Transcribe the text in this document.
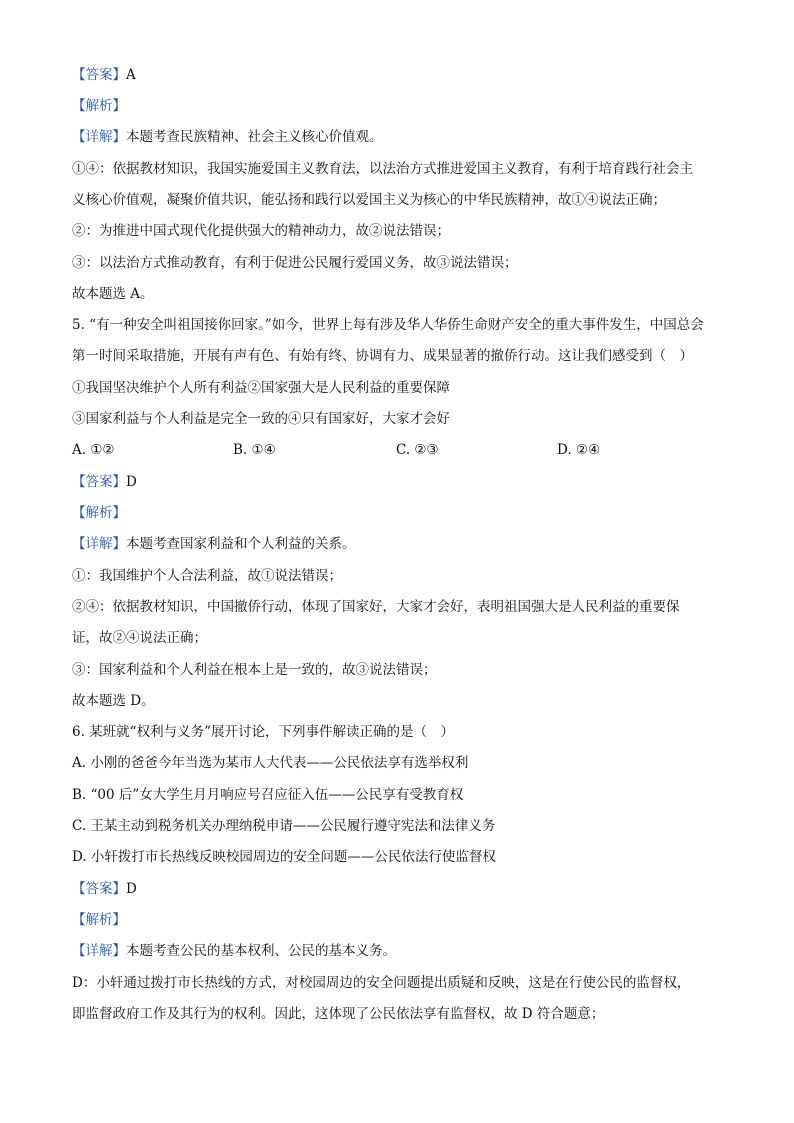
【答案】A
【解析】
【详解】本题考查民族精神、社会主义核心价值观。
①④：依据教材知识，我国实施爱国主义教育法，以法治方式推进爱国主义教育，有利于培育践行社会主
义核心价值观，凝聚价值共识，能弘扬和践行以爱国主义为核心的中华民族精神，故①④说法正确；
②：为推进中国式现代化提供强大的精神动力，故②说法错误；
③：以法治方式推动教育，有利于促进公民履行爱国义务，故③说法错误；
故本题选 A。
5. “有一种安全叫祖国接你回家。”如今，世界上每有涉及华人华侨生命财产安全的重大事件发生，中国总会
第一时间采取措施，开展有声有色、有始有终、协调有力、成果显著的撤侨行动。这让我们感受到（　）
①我国坚决维护个人所有利益②国家强大是人民利益的重要保障
③国家利益与个人利益是完全一致的④只有国家好，大家才会好
A. ①②	B. ①④	C. ②③	D. ②④
【答案】D
【解析】
【详解】本题考查国家利益和个人利益的关系。
①：我国维护个人合法利益，故①说法错误；
②④：依据教材知识，中国撤侨行动，体现了国家好，大家才会好，表明祖国强大是人民利益的重要保
证，故②④说法正确；
③：国家利益和个人利益在根本上是一致的，故③说法错误；
故本题选 D。
6. 某班就“权利与义务”展开讨论，下列事件解读正确的是（　）
A. 小刚的爸爸今年当选为某市人大代表——公民依法享有选举权利
B. “00 后”女大学生月月响应号召应征入伍——公民享有受教育权
C. 王某主动到税务机关办理纳税申请——公民履行遵守宪法和法律义务
D. 小轩拨打市长热线反映校园周边的安全问题——公民依法行使监督权
【答案】D
【解析】
【详解】本题考查公民的基本权利、公民的基本义务。
D：小轩通过拨打市长热线的方式，对校园周边的安全问题提出质疑和反映，这是在行使公民的监督权，
即监督政府工作及其行为的权利。因此，这体现了公民依法享有监督权，故 D 符合题意；
